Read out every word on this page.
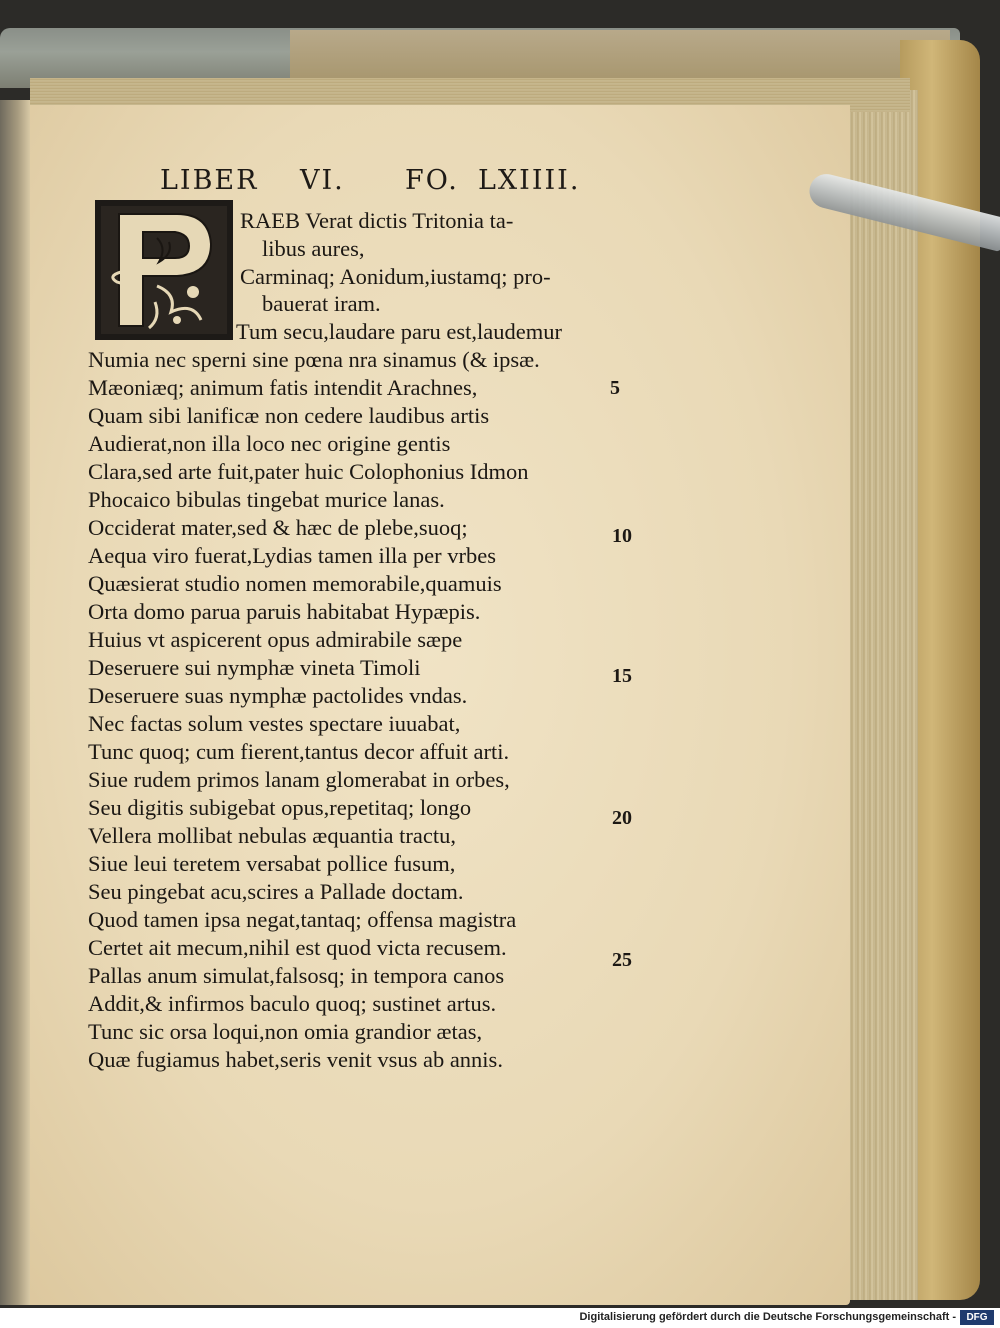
LIBER VI. FO. LXIIII.
RAEB Verat dictis Tritonia ta-
libus aures,
Carminaq; Aonidum,iustamq; pro-
bauerat iram.
Tum secu,laudare paru est,laudemur
Numia nec sperni sine pœna nra sinamus (& ipsæ.
Mæoniæq; animum fatis intendit Arachnes,
Quam sibi lanificæ non cedere laudibus artis
Audierat,non illa loco nec origine gentis
Clara,sed arte fuit,pater huic Colophonius Idmon
Phocaico bibulas tingebat murice lanas.
Occiderat mater,sed & hæc de plebe,suoq;
Aequa viro fuerat,Lydias tamen illa per vrbes
Quæsierat studio nomen memorabile,quamuis
Orta domo parua paruis habitabat Hypæpis.
Huius vt aspicerent opus admirabile sæpe
Deseruere sui nymphæ vineta Timoli
Deseruere suas nymphæ pactolides vndas.
Nec factas solum vestes spectare iuuabat,
Tunc quoq; cum fierent,tantus decor affuit arti.
Siue rudem primos lanam glomerabat in orbes,
Seu digitis subigebat opus,repetitaq; longo
Vellera mollibat nebulas æquantia tractu,
Siue leui teretem versabat pollice fusum,
Seu pingebat acu,scires a Pallade doctam.
Quod tamen ipsa negat,tantaq; offensa magistra
Certet ait mecum,nihil est quod victa recusem.
Pallas anum simulat,falsosq; in tempora canos
Addit,& infirmos baculo quoq; sustinet artus.
Tunc sic orsa loqui,non omia grandior ætas,
Quæ fugiamus habet,seris venit vsus ab annis.
5
10
15
20
25
Digitalisierung gefördert durch die Deutsche Forschungsgemeinschaft -	DFG
